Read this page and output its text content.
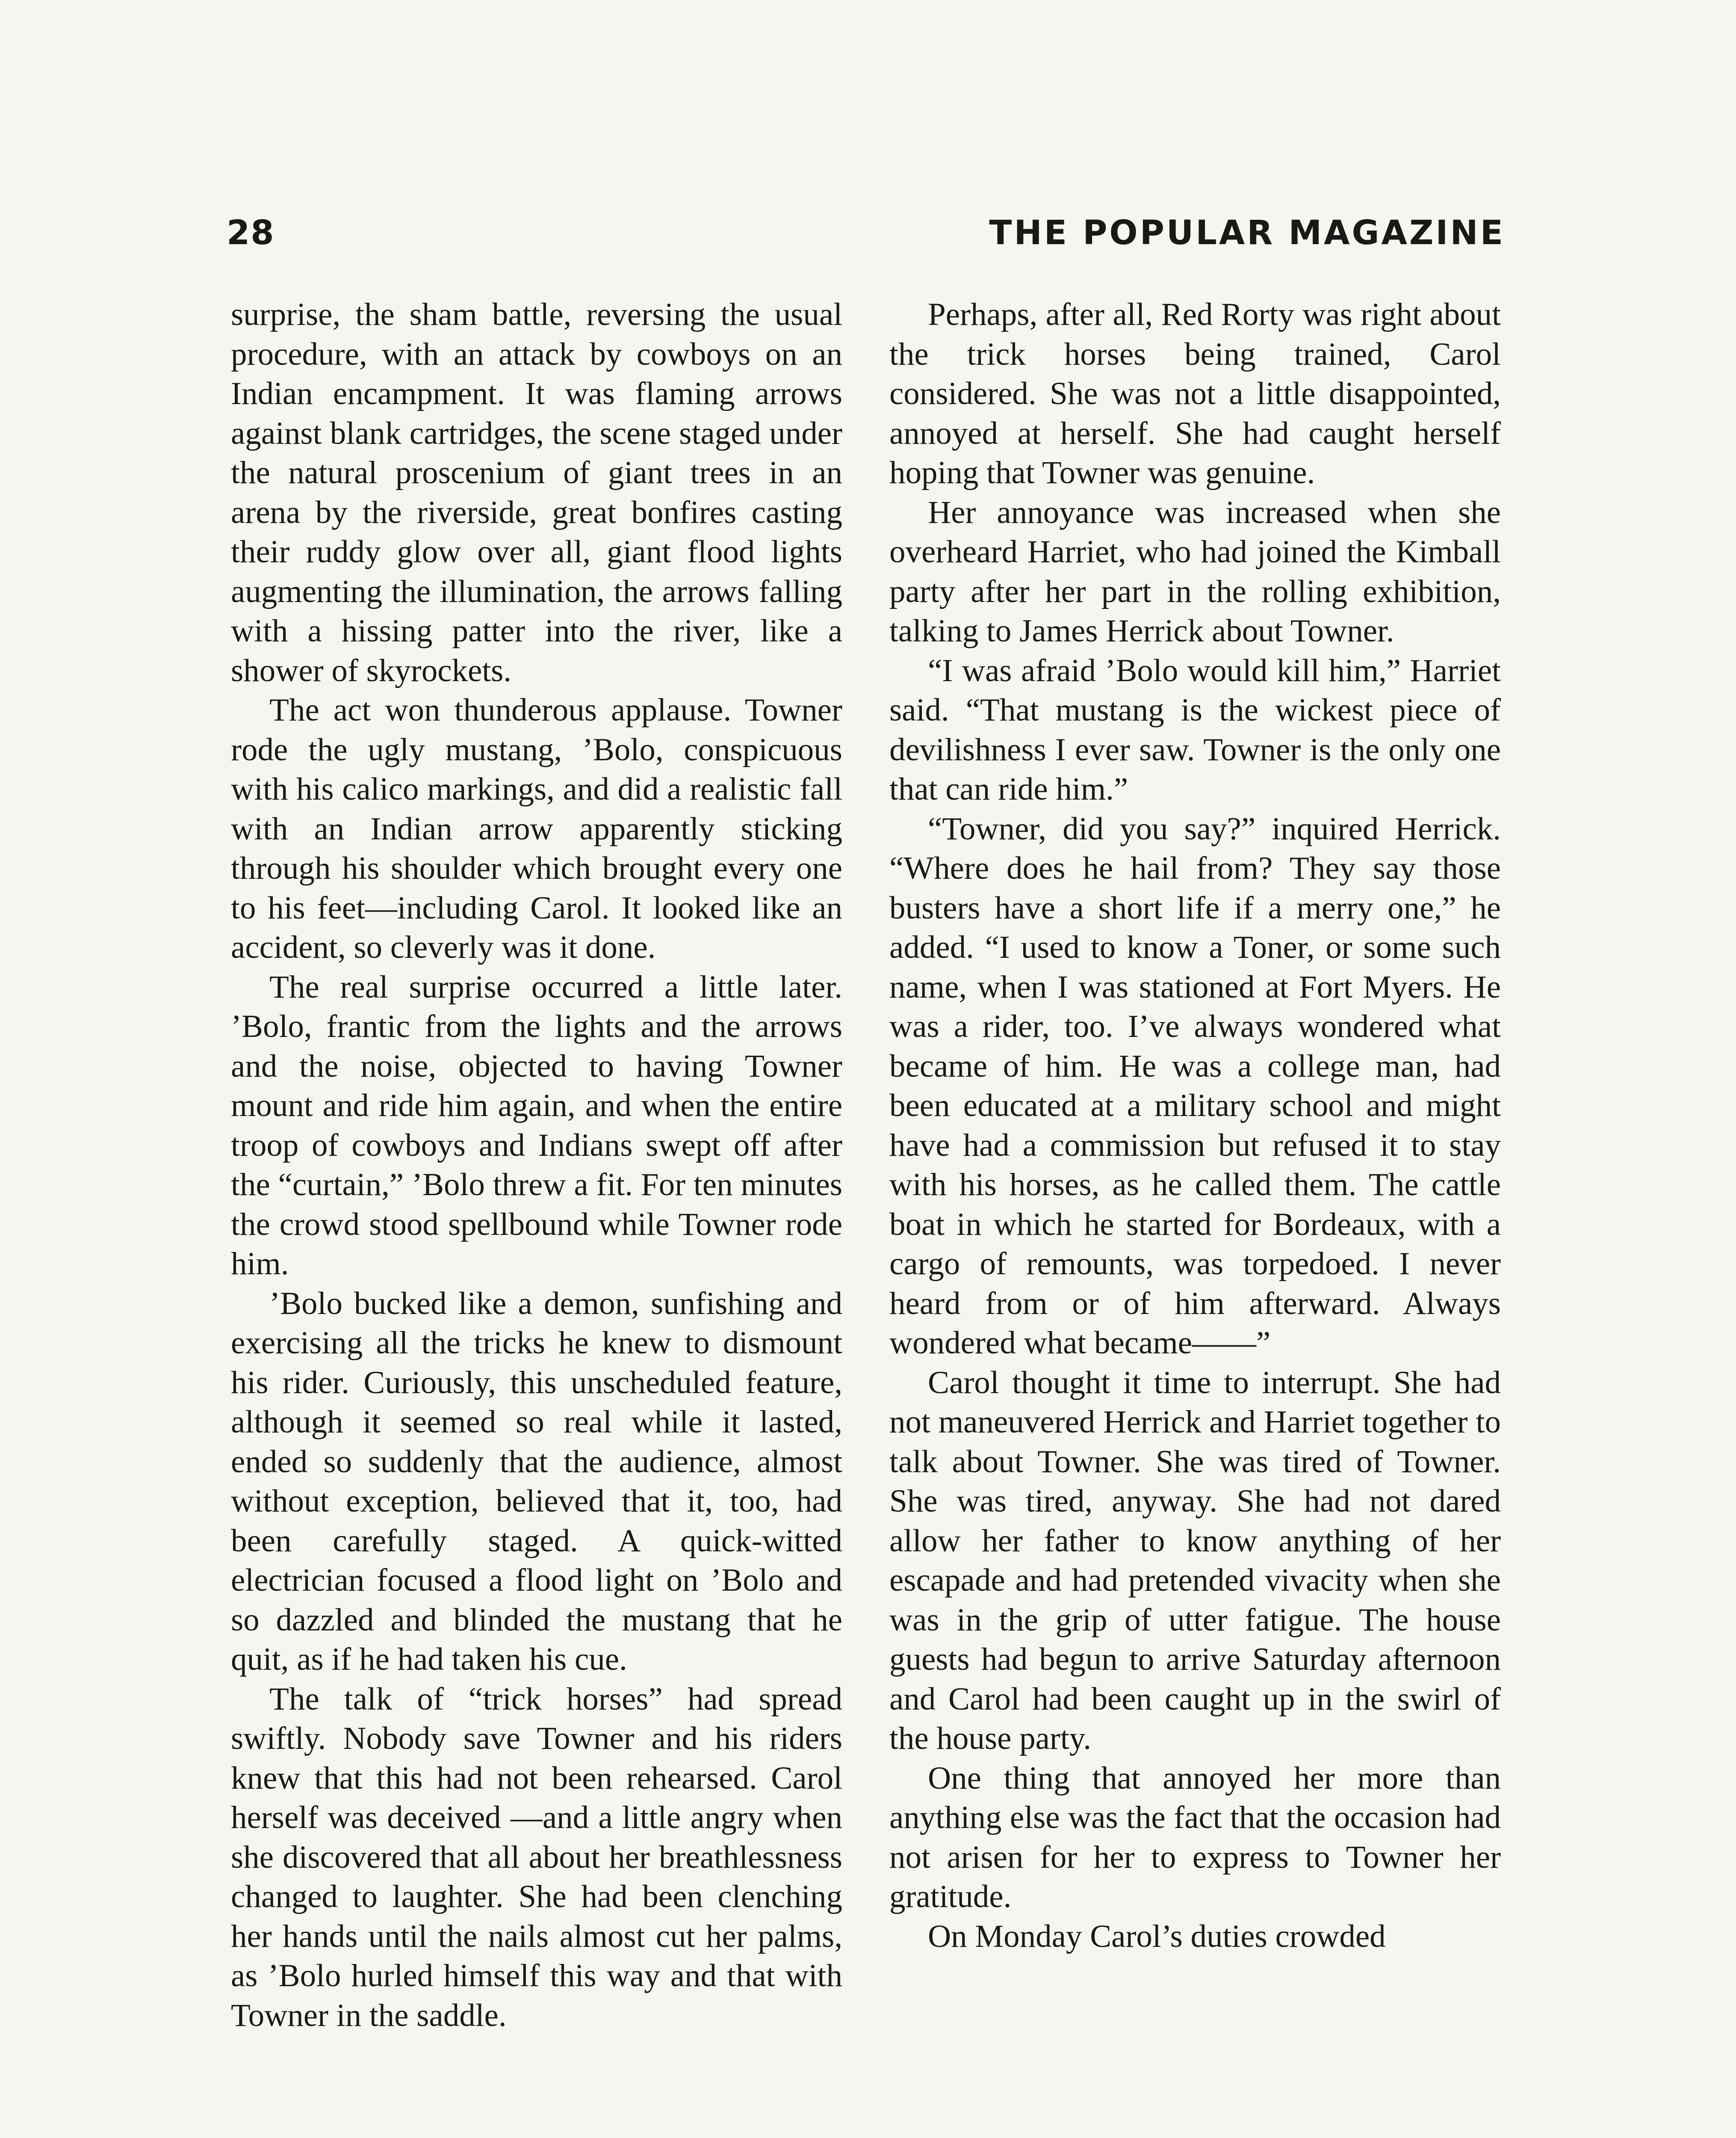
28	THE POPULAR MAGAZINE

surprise, the sham battle, reversing the usual procedure, with an attack by cowboys on an Indian encampment. It was flaming arrows against blank cartridges, the scene staged under the natural proscenium of giant trees in an arena by the riverside, great bonfires casting their ruddy glow over all, giant flood lights augmenting the illumination, the arrows falling with a hissing patter into the river, like a shower of skyrockets.

The act won thunderous applause. Towner rode the ugly mustang, ’Bolo, conspicuous with his calico markings, and did a realistic fall with an Indian arrow apparently sticking through his shoulder which brought every one to his feet—including Carol. It looked like an accident, so cleverly was it done.

The real surprise occurred a little later. ’Bolo, frantic from the lights and the arrows and the noise, objected to having Towner mount and ride him again, and when the entire troop of cowboys and Indians swept off after the “curtain,” ’Bolo threw a fit. For ten minutes the crowd stood spellbound while Towner rode him.

’Bolo bucked like a demon, sunfishing and exercising all the tricks he knew to dismount his rider. Curiously, this unscheduled feature, although it seemed so real while it lasted, ended so suddenly that the audience, almost without exception, believed that it, too, had been carefully staged. A quick-witted electrician focused a flood light on ’Bolo and so dazzled and blinded the mustang that he quit, as if he had taken his cue.

The talk of “trick horses” had spread swiftly. Nobody save Towner and his riders knew that this had not been rehearsed. Carol herself was deceived —and a little angry when she discovered that all about her breathlessness changed to laughter. She had been clenching her hands until the nails almost cut her palms, as ’Bolo hurled himself this way and that with Towner in the saddle.

Perhaps, after all, Red Rorty was right about the trick horses being trained, Carol considered. She was not a little disappointed, annoyed at herself. She had caught herself hoping that Towner was genuine.

Her annoyance was increased when she overheard Harriet, who had joined the Kimball party after her part in the rolling exhibition, talking to James Herrick about Towner.

“I was afraid ’Bolo would kill him,” Harriet said. “That mustang is the wickest piece of devilishness I ever saw. Towner is the only one that can ride him.”

“Towner, did you say?” inquired Herrick. “Where does he hail from? They say those busters have a short life if a merry one,” he added. “I used to know a Toner, or some such name, when I was stationed at Fort Myers. He was a rider, too. I’ve always wondered what became of him. He was a college man, had been educated at a military school and might have had a commission but refused it to stay with his horses, as he called them. The cattle boat in which he started for Bordeaux, with a cargo of remounts, was torpedoed. I never heard from or of him afterward. Always wondered what became——”

Carol thought it time to interrupt. She had not maneuvered Herrick and Harriet together to talk about Towner. She was tired of Towner. She was tired, anyway. She had not dared allow her father to know anything of her escapade and had pretended vivacity when she was in the grip of utter fatigue. The house guests had begun to arrive Saturday afternoon and Carol had been caught up in the swirl of the house party.

One thing that annoyed her more than anything else was the fact that the occasion had not arisen for her to express to Towner her gratitude.

On Monday Carol’s duties crowded
